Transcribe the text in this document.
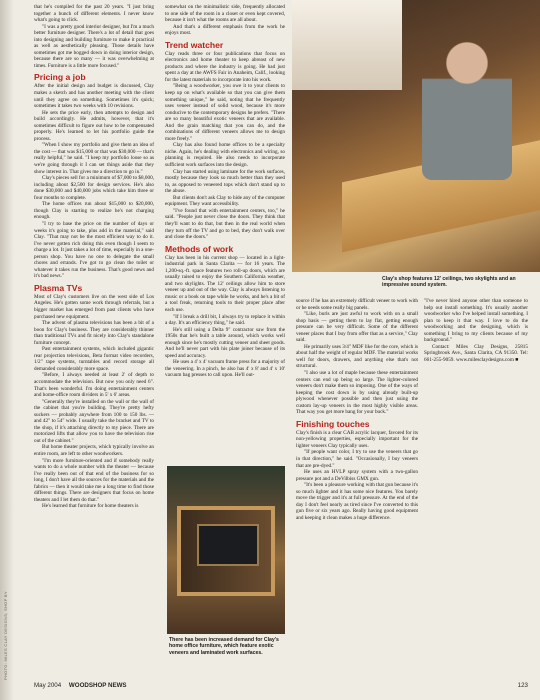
Clay's shop features 12' ceilings, two skylights and an impressive sound system.
There has been increased demand for Clay's home office furniture, which feature exotic veneers and laminated work surfaces.

that he's compiled for the past 20 years. "I just bring together a bunch of different elements. I never know what's going to click.

"I was a pretty good interior designer, but I'm a much better furniture designer. There's a lot of detail that goes into designing and building furniture to make it practical as well as aesthetically pleasing. Those details have sometimes got me bogged down in doing interior design, because there are so many — it was overwhelming at times. Furniture is a little more focused."

Pricing a job

After the initial design and budget is discussed, Clay makes a sketch and has another meeting with the client until they agree on something. Sometimes it's quick; sometimes it takes two weeks with 10 revisions.

He sets the price early, then attempts to design and build accordingly. He admits, however, that it's sometimes difficult to figure out how to be compensated properly. He's learned to let his portfolio guide the process.

"When I show my portfolio and give them an idea of the cost — that was $15,000 or that was $30,000 — that's really helpful," he said. "I keep my portfolio loose so as we're going through it I can set things aside that they show interest in. That gives me a direction to go in."

Clay's pieces sell for a minimum of $7,000 to $8,000, including about $2,500 for design services. He's also done $30,000 and $40,000 jobs which take him three or four months to complete.

The home offices run about $15,000 to $20,000, though Clay is starting to realize he's not charging enough.

"I try to base the price on the number of days or weeks it's going to take, plus add in the material," said Clay. "That may not be the most efficient way to do it. I've never gotten rich doing this even though I seem to charge a lot. It just takes a lot of time, especially in a one-person shop. You have no one to delegate the small chores and errands. I've got to go clean the toilet or whatever it takes run the business. That's good news and it's bad news."

Plasma TVs

Most of Clay's customers live on the west side of Los Angeles. He's gotten some work through referrals, but a bigger market has emerged from past clients who have purchased new equipment.

The advent of plasma televisions has been a bit of a boon for Clay's business. They are considerably thinner than traditional TVs and fit nicely into Clay's standalone furniture concept.

Past entertainment systems, which included gigantic rear projection televisions, Beta format video recorders, 1/2" tape systems, turntables and record storage all demanded considerably more space.

"Before, I always needed at least 2' of depth to accommodate the television. But now you only need 6". That's been wonderful. I'm doing entertainment centers and home-office room dividers in 5' x 6' areas.

"Generally they're installed on the wall or the wall of the cabinet that you're building. They're pretty hefty suckers — probably anywhere from 100 to 150 lbs. — and 42" to 54" wide. I usually take the bracket and TV to the shop, if it's attaching directly to my piece. There are motorized lifts that allow you to have the television rise out of the cabinet."

But home theater projects, which typically involve an entire room, are left to other woodworkers.

"I'm more furniture-oriented and if somebody really wants to do a whole number with the theater — because I've really been out of that end of the business for so long, I don't have all the sources for the materials and the fabrics — then it would take me a long time to find those different things. There are designers that focus on home theaters and I let them do that."

He's learned that furniture for home theaters is

somewhat on the minimalistic side, frequently allocated to one side of the room in a closet or even kept covered, because it isn't what the rooms are all about.

And that's a different emphasis from the work he enjoys most.

Trend watcher

Clay reads three or four publications that focus on electronics and home theater to keep abreast of new products and where the industry is going. He had just spent a day at the AWFS Fair in Anaheim, Calif., looking for the latest materials to incorporate into his work.

"Being a woodworker, you owe it to your clients to keep up on what's available so that you can give them something unique," he said, noting that he frequently uses veneer instead of solid wood, because it's more conducive to the contemporary designs he prefers. "There are so many beautiful exotic veneers that are available. And the grain matching that you can do, and the combinations of different veneers allows me to design more freely."

Clay has also found home offices to be a specialty niche. Again, he's dealing with electronics and wiring, so planning is required. He also needs to incorporate sufficient work surfaces into the design.

Clay has started using laminate for the work surfaces, mostly because they look so much better than they used to, as opposed to veneered tops which don't stand up to the abuse.

But clients don't ask Clay to hide any of the computer equipment. They want accessibility.

"I've found that with entertainment centers, too," he said. "People just never close the doors. They think that they'll want to do that, but then in the real world when they turn off the TV and go to bed, they don't walk over and close the doors."

Methods of work

Clay has been in his current shop — located in a light-industrial park in Santa Clarita — for 16 years. The 1,200-sq.-ft. space features two roll-up doors, which are usually raised to enjoy the Southern California weather, and two skylights. The 12' ceilings allow him to store veneer up and out of the way. Clay is always listening to music or a book on tape while he works, and he's a bit of a tool freak, returning tools to their proper place after each use.

"If I break a drill bit, I always try to replace it within a day. It's an efficiency thing," he said.

He's still using a Delta 9" contractor saw from the 1950s that he's built a table around, which works well enough since he's mostly cutting veneer and sheet goods. And he'll never part with his plate joiner because of its speed and accuracy.

He uses a 4' x 4' vacuum frame press for a majority of the veneering. In a pinch, he also has 4' x 8' and 4' x 10' vacuum bag presses to call upon. He'll out-

source if he has an extremely difficult veneer to work with or he needs some really big panels.

"Like, burls are just awful to work with on a small shop basis — getting them to lay flat, getting enough pressure can be very difficult. Some of the different veneer places that I buy from offer that as a service," Clay said.

He primarily uses 3/4" MDF like for the core, which is about half the weight of regular MDF. The material works well for doors, drawers, and anything else that's not structural.

"I also use a lot of maple because these entertainment centers can end up being so large. The lighter-colored veneers don't make them so imposing. One of the ways of keeping the cost down is by using already built-up plywood whenever possible and then just using the custom lay-up veneers in the most highly visible areas. That way you get more bang for your buck."

Finishing touches

Clay's finish is a clear CAB acrylic lacquer, favored for its non-yellowing properties, especially important for the lighter veneers Clay typically uses.

"If people want color, I try to use the veneers that go in that direction," he said. "Occasionally, I buy veneers that are pre-dyed."

He uses an HVLP spray system with a two-gallon pressure pot and a DeVilbiss GMX gun.

"It's been a pleasure working with that gun because it's so much lighter and it has some nice features. You barely move the trigger and it's at full pressure. At the end of the day I don't feel nearly as tired since I've converted to this gun five or six years ago. Really having good equipment and keeping it clean makes a huge difference.

"I've never hired anyone other than someone to help out install something. It's usually another woodworker who I've helped install something. I plan to keep it that way. I love to do the woodworking and the designing, which is something I bring to my clients because of my background."

Contact: Miles Clay Designs, 25815 Springbrook Ave., Santa Clarita, CA 91350. Tel: 661-255-9059. www.milesclaydesigns.com ■

PHOTO: MILES CLAY DESIGNS; SHOP BY
May 2004 WOODSHOP NEWS	123
